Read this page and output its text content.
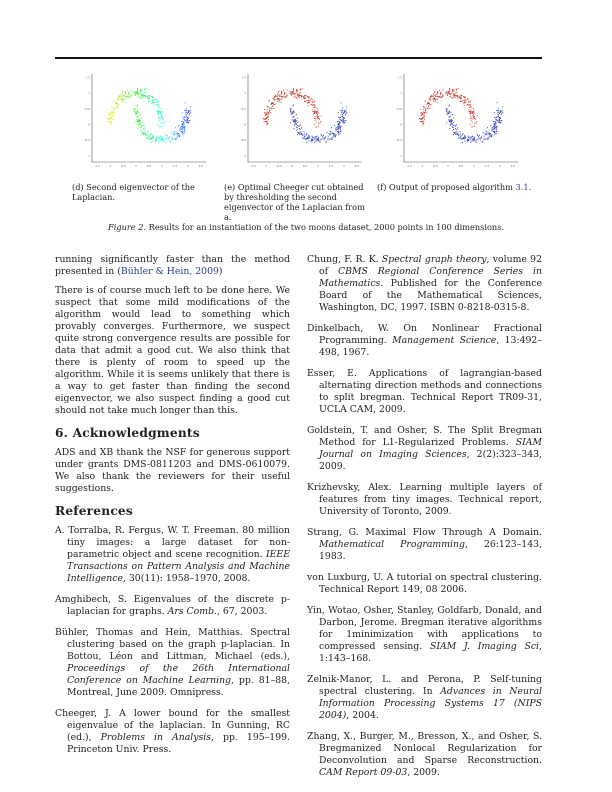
1.5
1
0.5
0
-0.5
-1
-1.5	-1	-0.5	0	0.5	1	1.5	2	2.5
1.5
1
0.5
0
-0.5
-1
-1.5	-1	-0.5	0	0.5	1	1.5	2	2.5
1.5
1
0.5
0
-0.5
-1
-1.5	-1	-0.5	0	0.5	1	1.5	2	2.5
(d) Second eigenvector of the Laplacian.
(e) Optimal Cheeger cut obtained by thresholding the second eigenvector of the Laplacian from a.
(f) Output of proposed algorithm 3.1.
Figure 2. Results for an instantiation of the two moons dataset, 2000 points in 100 dimensions.

running significantly faster than the method presented in (Bühler & Hein, 2009)

There is of course much left to be done here. We suspect that some mild modifications of the algorithm would lead to something which provably converges. Furthermore, we suspect quite strong convergence results are possible for data that admit a good cut. We also think that there is plenty of room to speed up the algorithm. While it is seems unlikely that there is a way to get faster than finding the second eigenvector, we also suspect finding a good cut should not take much longer than this.

6. Acknowledgments

ADS and XB thank the NSF for generous support under grants DMS-0811203 and DMS-0610079. We also thank the reviewers for their useful suggestions.

References
A. Torralba, R. Fergus, W. T. Freeman. 80 million tiny images: a large dataset for non-parametric object and scene recognition. IEEE Transactions on Pattern Analysis and Machine Intelligence, 30(11): 1958–1970, 2008.
Amghibech, S. Eigenvalues of the discrete p-laplacian for graphs. Ars Comb., 67, 2003.
Bühler, Thomas and Hein, Matthias. Spectral clustering based on the graph p-laplacian. In Bottou, Léon and Littman, Michael (eds.), Proceedings of the 26th International Conference on Machine Learning, pp. 81–88, Montreal, June 2009. Omnipress.
Cheeger, J. A lower bound for the smallest eigenvalue of the laplacian. In Gunning, RC (ed.), Problems in Analysis, pp. 195–199. Princeton Univ. Press.
Chung, F. R. K. Spectral graph theory, volume 92 of CBMS Regional Conference Series in Mathematics. Published for the Conference Board of the Mathematical Sciences, Washington, DC, 1997. ISBN 0-8218-0315-8.
Dinkelbach, W. On Nonlinear Fractional Programming. Management Science, 13:492–498, 1967.
Esser, E. Applications of lagrangian-based alternating direction methods and connections to split bregman. Technical Report TR09-31, UCLA CAM, 2009.
Goldstein, T. and Osher, S. The Split Bregman Method for L1-Regularized Problems. SIAM Journal on Imaging Sciences, 2(2):323–343, 2009.
Krizhevsky, Alex. Learning multiple layers of features from tiny images. Technical report, University of Toronto, 2009.
Strang, G. Maximal Flow Through A Domain. Mathematical Programming, 26:123–143, 1983.
von Luxburg, U. A tutorial on spectral clustering. Technical Report 149, 08 2006.
Yin, Wotao, Osher, Stanley, Goldfarb, Donald, and Darbon, Jerome. Bregman iterative algorithms for 1minimization with applications to compressed sensing. SIAM J. Imaging Sci, 1:143–168.
Zelnik-Manor, L. and Perona, P. Self-tuning spectral clustering. In Advances in Neural Information Processing Systems 17 (NIPS 2004), 2004.
Zhang, X., Burger, M., Bresson, X., and Osher, S. Bregmanized Nonlocal Regularization for Deconvolution and Sparse Reconstruction. CAM Report 09-03, 2009.
